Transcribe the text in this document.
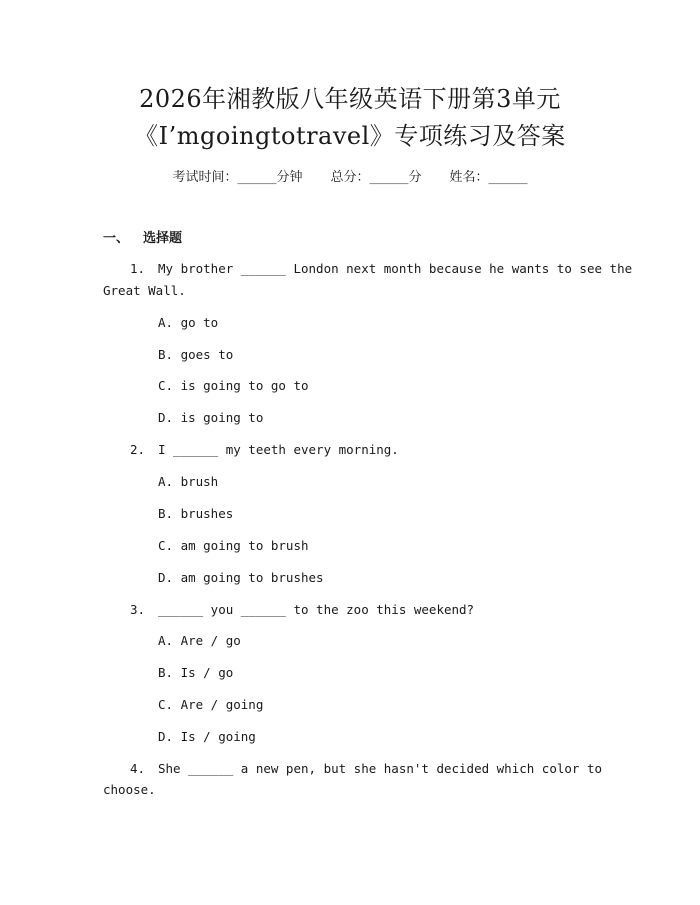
2026年湘教版八年级英语下册第3单元
《I’mgoingtotravel》专项练习及答案
考试时间：______分钟 总分：______分 姓名：______
一、 选择题
1. My brother ______ London next month because he wants to see the
Great Wall.
A. go to
B. goes to
C. is going to go to
D. is going to
2. I ______ my teeth every morning.
A. brush
B. brushes
C. am going to brush
D. am going to brushes
3. ______ you ______ to the zoo this weekend?
A. Are / go
B. Is / go
C. Are / going
D. Is / going
4. She ______ a new pen, but she hasn't decided which color to
choose.
